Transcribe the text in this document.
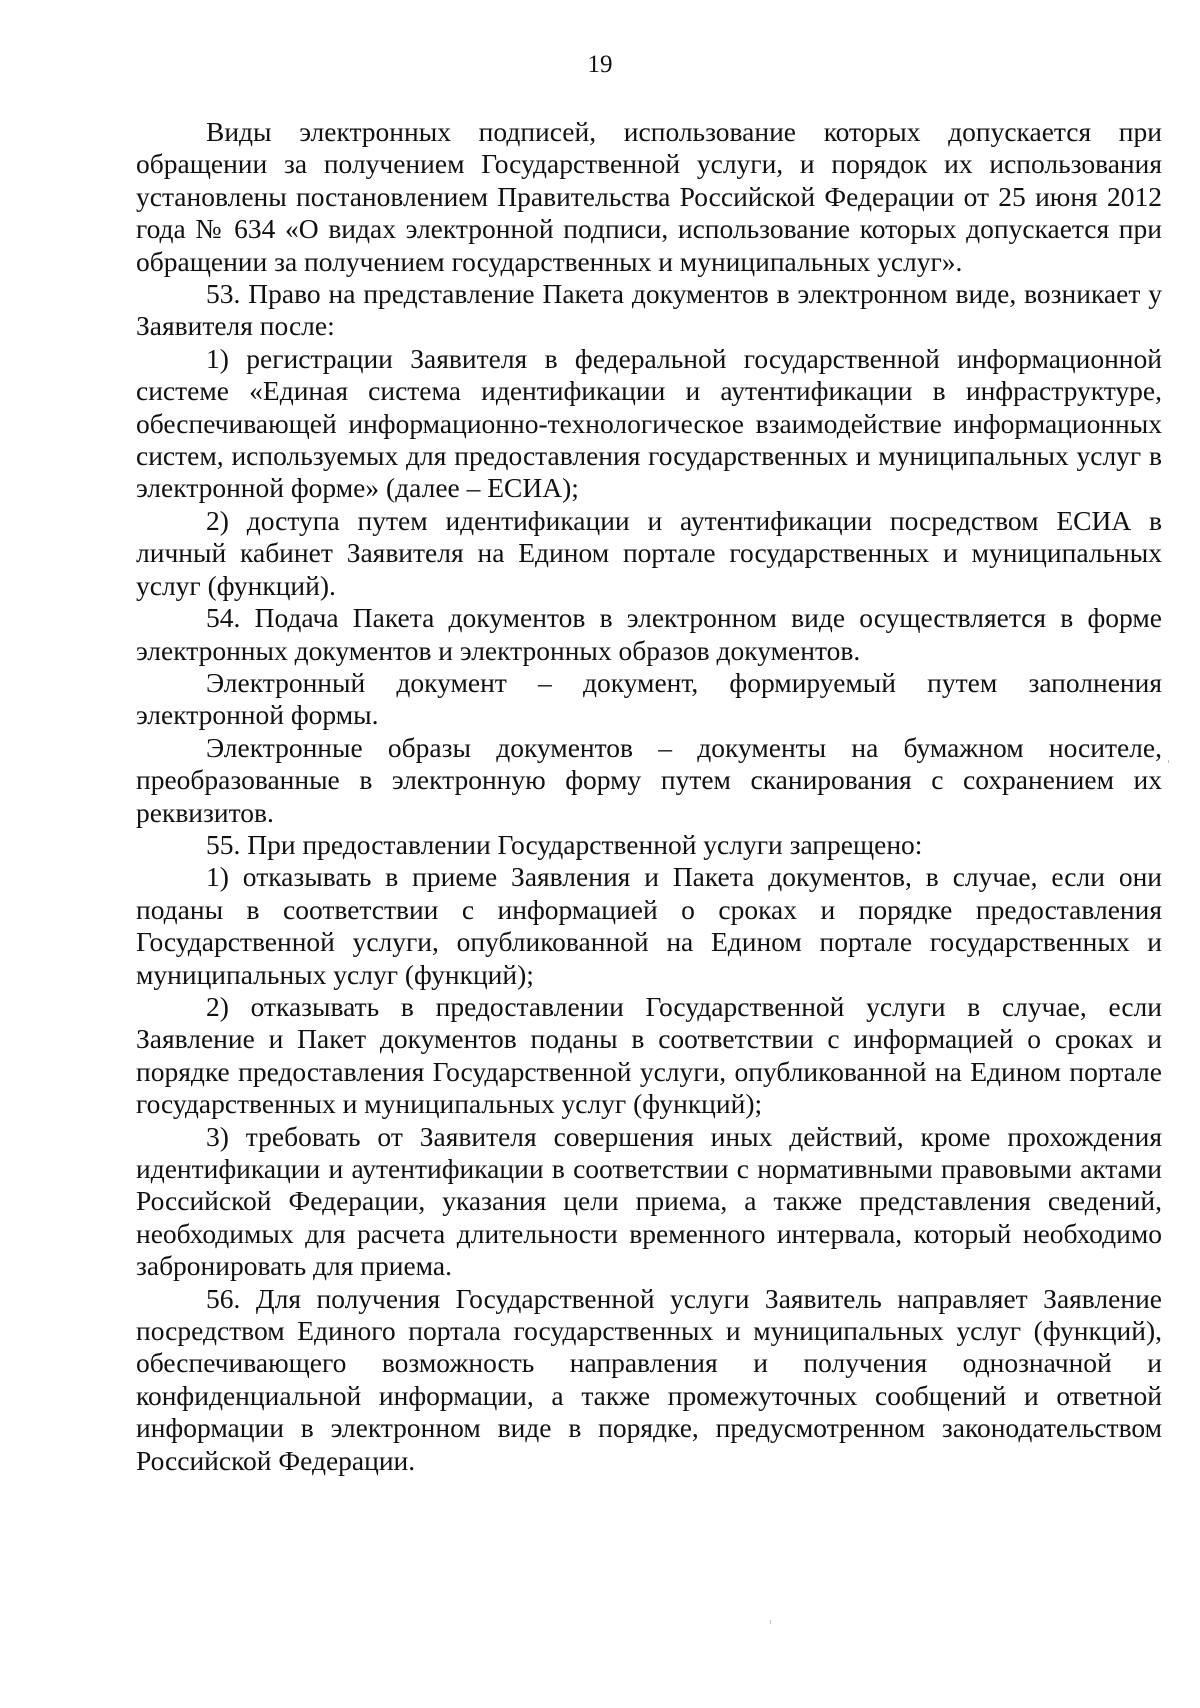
19

Виды электронных подписей, использование которых допускается при обращении за получением Государственной услуги, и порядок их использования установлены постановлением Правительства Российской Федерации от 25 июня 2012 года № 634 «О видах электронной подписи, использование которых допускается при обращении за получением государственных и муниципальных услуг».

53. Право на представление Пакета документов в электронном виде, возникает у Заявителя после:

1) регистрации Заявителя в федеральной государственной информационной системе «Единая система идентификации и аутентификации в инфраструктуре, обеспечивающей информационно-технологическое взаимодействие информационных систем, используемых для предоставления государственных и муниципальных услуг в электронной форме» (далее – ЕСИА);

2) доступа путем идентификации и аутентификации посредством ЕСИА в личный кабинет Заявителя на Едином портале государственных и муниципальных услуг (функций).

54. Подача Пакета документов в электронном виде осуществляется в форме электронных документов и электронных образов документов.

Электронный документ – документ, формируемый путем заполнения электронной формы.

Электронные образы документов – документы на бумажном носителе, преобразованные в электронную форму путем сканирования с сохранением их реквизитов.

55. При предоставлении Государственной услуги запрещено:

1) отказывать в приеме Заявления и Пакета документов, в случае, если они поданы в соответствии с информацией о сроках и порядке предоставления Государственной услуги, опубликованной на Едином портале государственных и муниципальных услуг (функций);

2) отказывать в предоставлении Государственной услуги в случае, если Заявление и Пакет документов поданы в соответствии с информацией о сроках и порядке предоставления Государственной услуги, опубликованной на Едином портале государственных и муниципальных услуг (функций);

3) требовать от Заявителя совершения иных действий, кроме прохождения идентификации и аутентификации в соответствии с нормативными правовыми актами Российской Федерации, указания цели приема, а также представления сведений, необходимых для расчета длительности временного интервала, который необходимо забронировать для приема.

56. Для получения Государственной услуги Заявитель направляет Заявление посредством Единого портала государственных и муниципальных услуг (функций), обеспечивающего возможность направления и получения однозначной и конфиденциальной информации, а также промежуточных сообщений и ответной информации в электронном виде в порядке, предусмотренном законодательством Российской Федерации.
